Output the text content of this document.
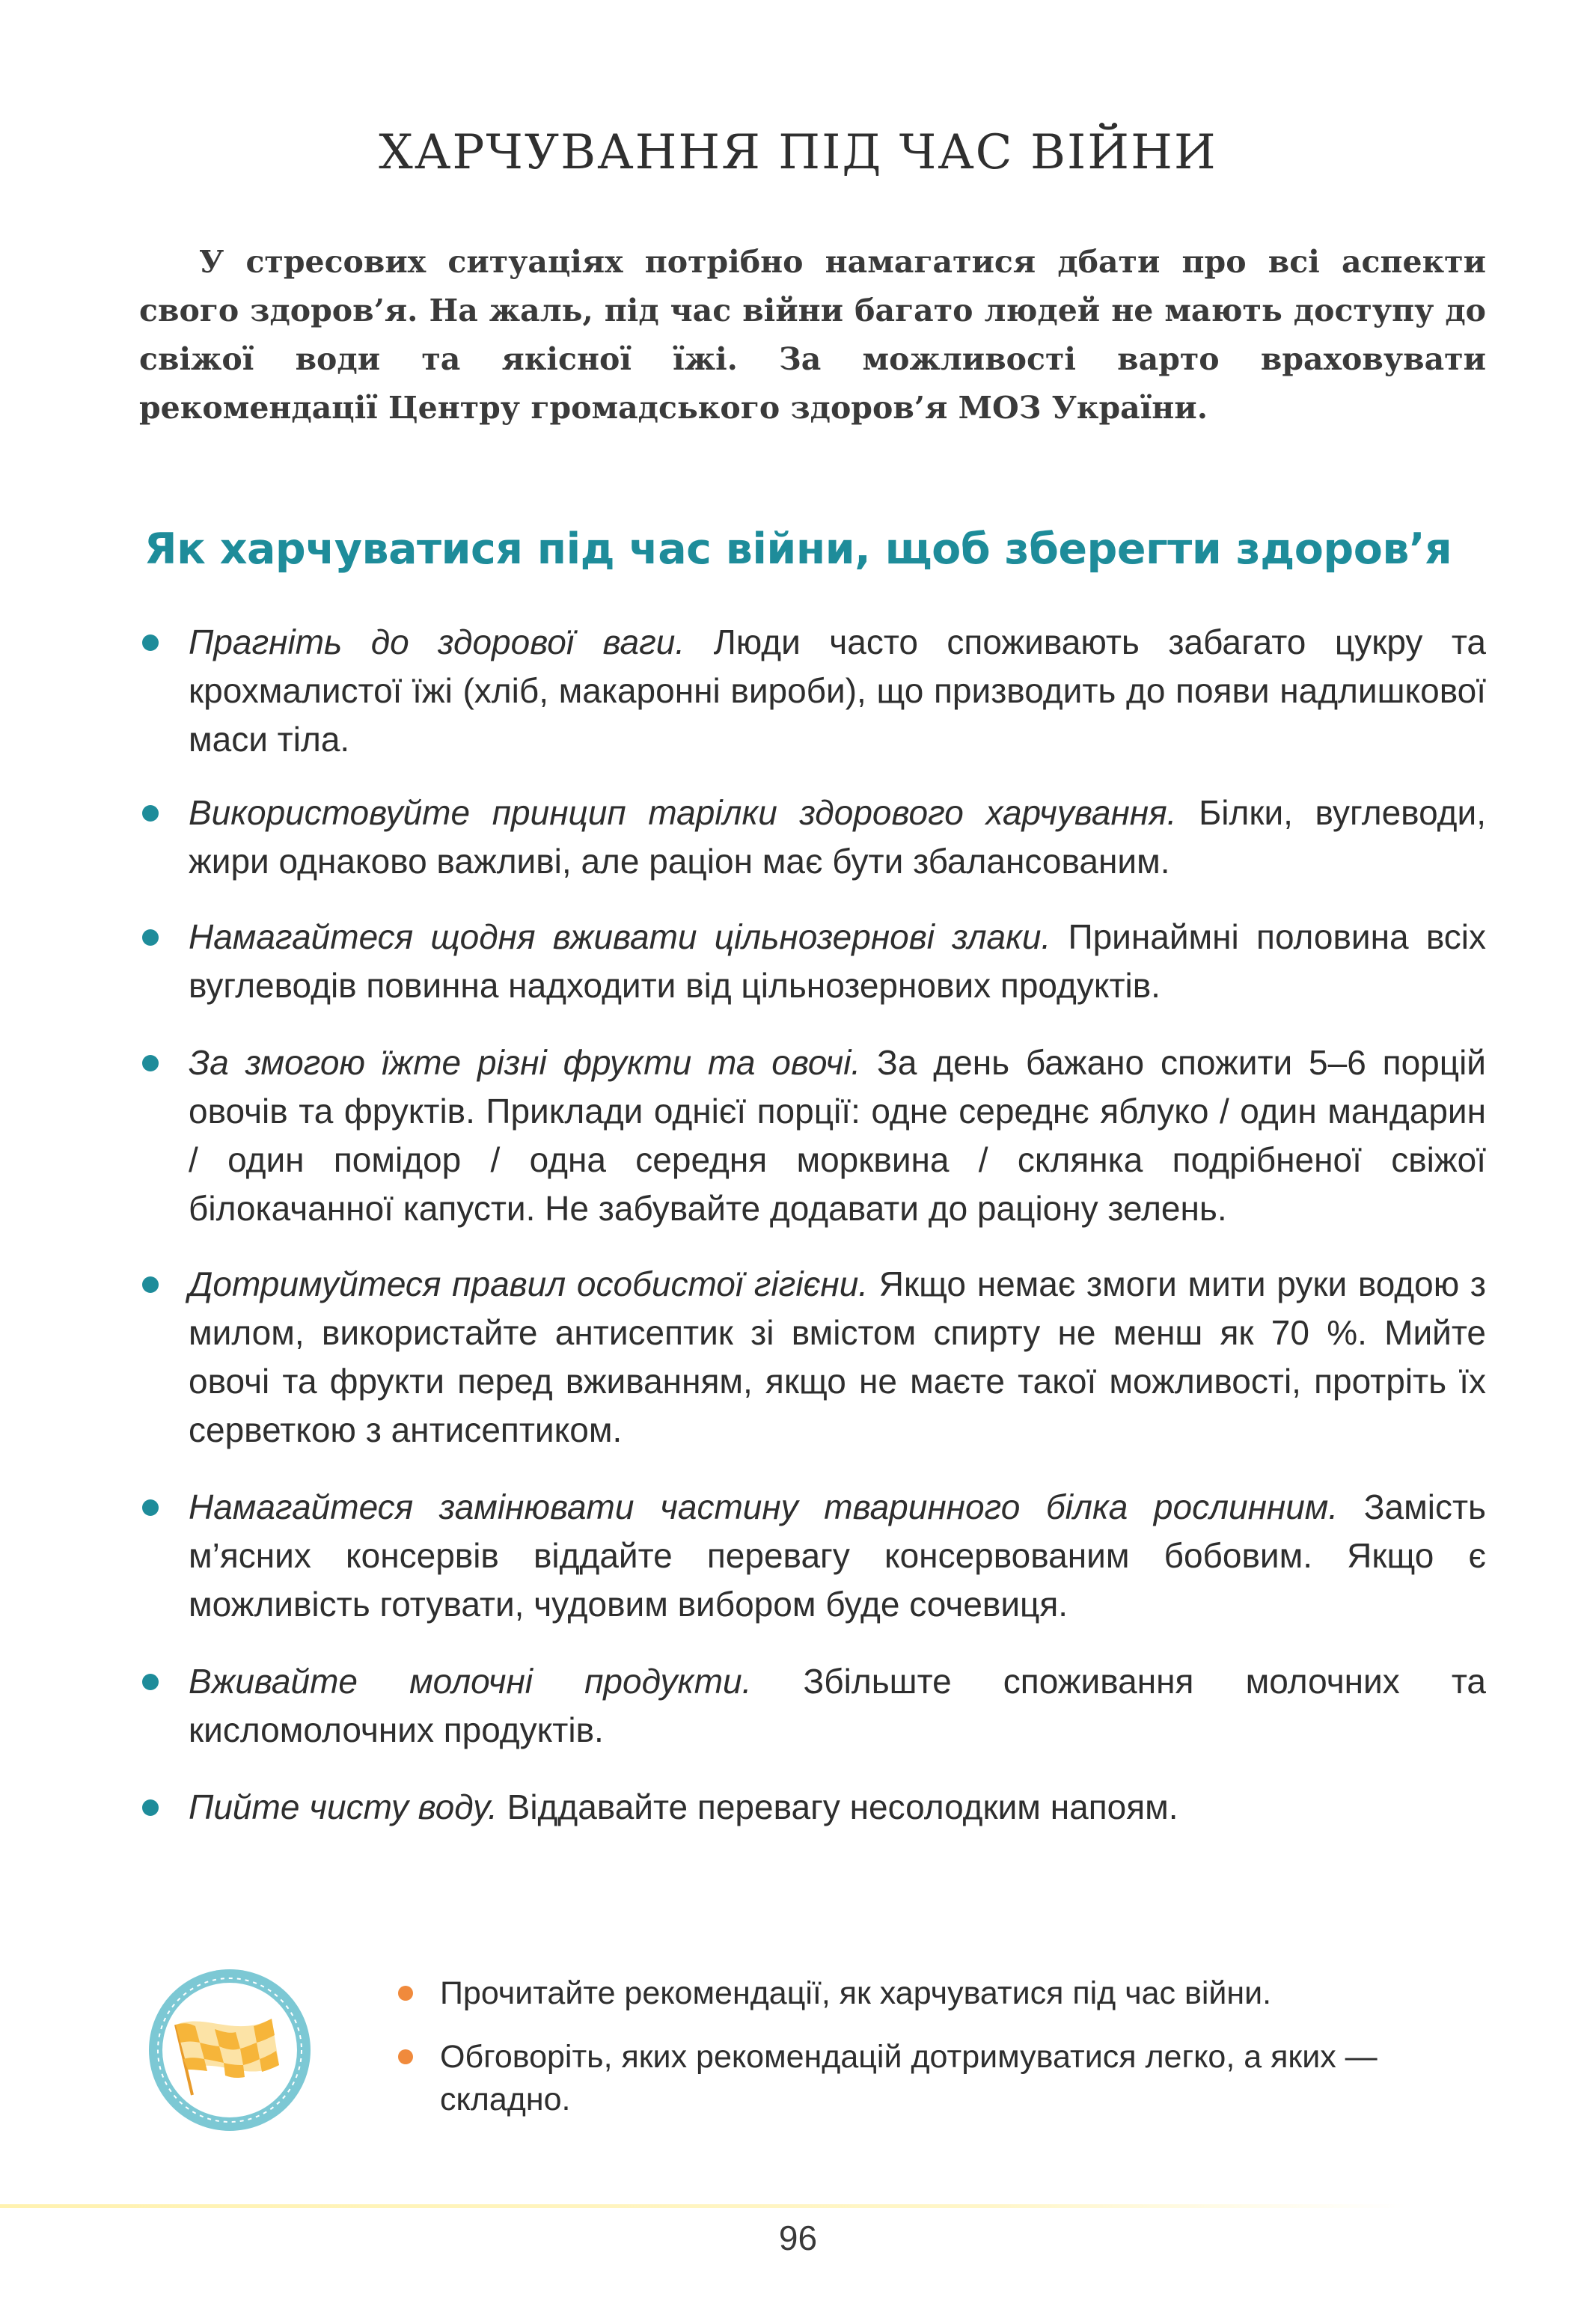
ХАРЧУВАННЯ ПІД ЧАС ВІЙНИ

У стресових ситуаціях потрібно намагатися дбати про всі аспекти свого здоров’я. На жаль, під час війни багато людей не мають доступу до свіжої води та якісної їжі. За можливості варто враховувати рекомендації Центру громадського здоров’я МОЗ України.

Як харчуватися під час війни, щоб зберегти здоров’я
Прагніть до здорової ваги. Люди часто споживають забагато цукру та крохмалистої їжі (хліб, макаронні вироби), що призводить до появи надлишкової маси тіла.
Використовуйте принцип тарілки здорового харчування. Білки, вуглеводи, жири однаково важливі, але раціон має бути збалансованим.
Намагайтеся щодня вживати цільнозернові злаки. Принаймні половина всіх вуглеводів повинна надходити від цільнозернових продуктів.
За змогою їжте різні фрукти та овочі. За день бажано спожити 5–6 порцій овочів та фруктів. Приклади однієї порції: одне середнє яблуко / один мандарин / один помідор / одна середня морквина / склянка подрібненої свіжої білокачанної капусти. Не забувайте додавати до раціону зелень.
Дотримуйтеся правил особистої гігієни. Якщо немає змоги мити руки водою з милом, використайте антисептик зі вмістом спирту не менш як 70 %. Мийте овочі та фрукти перед вживанням, якщо не маєте такої можливості, протріть їх серветкою з антисептиком.
Намагайтеся замінювати частину тваринного білка рослинним. Замість м’ясних консервів віддайте перевагу консервованим бобовим. Якщо є можливість готувати, чудовим вибором буде сочевиця.
Вживайте молочні продукти. Збільште споживання молочних та кисломолочних продуктів.
Пийте чисту воду. Віддавайте перевагу несолодким напоям.
Прочитайте рекомендації, як харчуватися під час війни.
Обговоріть, яких рекомендацій дотримуватися легко, а яких — складно.
96
